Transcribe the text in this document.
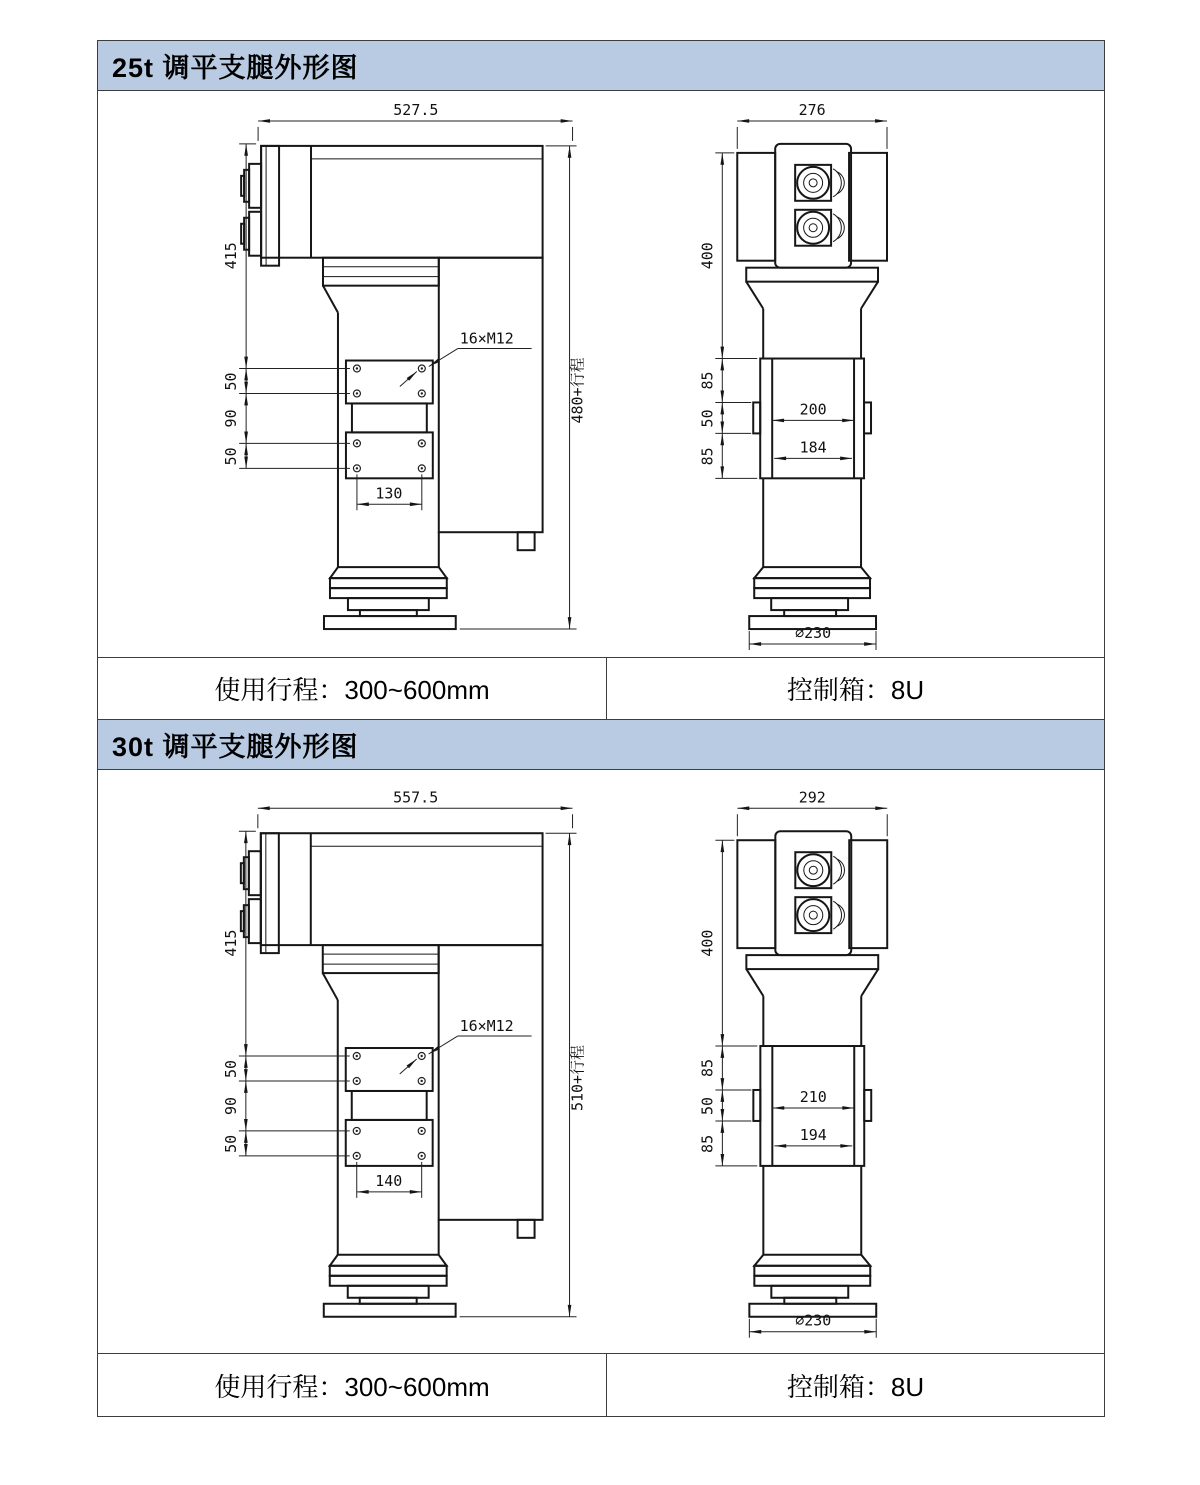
25t 调平支腿外形图
527.5
415
480+行程
50
90
50
130
16×M12
276
400
85
50
85
200
184
∅230
使用行程：300~600mm	控制箱：8U
30t 调平支腿外形图
557.5
415
510+行程
50
90
50
140
16×M12
292
400
85
50
85
210
194
∅230
使用行程：300~600mm	控制箱：8U
